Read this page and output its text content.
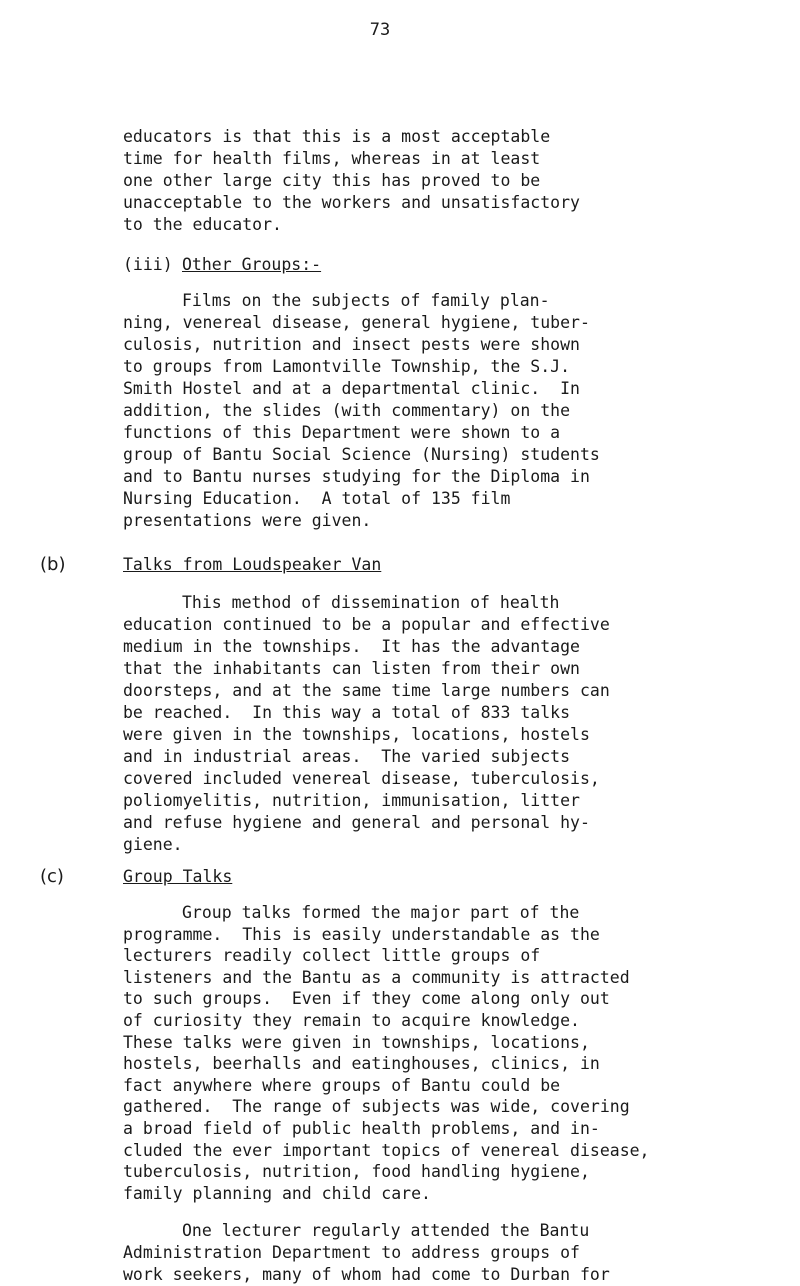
73
educators is that this is a most acceptable
time for health films, whereas in at least
one other large city this has proved to be
unacceptable to the workers and unsatisfactory
to the educator.
(iii) Other Groups:-
Films on the subjects of family plan-
ning, venereal disease, general hygiene, tuber-
culosis, nutrition and insect pests were shown
to groups from Lamontville Township, the S.J.
Smith Hostel and at a departmental clinic.  In
addition, the slides (with commentary) on the
functions of this Department were shown to a
group of Bantu Social Science (Nursing) students
and to Bantu nurses studying for the Diploma in
Nursing Education.  A total of 135 film
presentations were given.
(b)	Talks from Loudspeaker Van
This method of dissemination of health
education continued to be a popular and effective
medium in the townships.  It has the advantage
that the inhabitants can listen from their own
doorsteps, and at the same time large numbers can
be reached.  In this way a total of 833 talks
were given in the townships, locations, hostels
and in industrial areas.  The varied subjects
covered included venereal disease, tuberculosis,
poliomyelitis, nutrition, immunisation, litter
and refuse hygiene and general and personal hy-
giene.
(c)	Group Talks
Group talks formed the major part of the
programme.  This is easily understandable as the
lecturers readily collect little groups of
listeners and the Bantu as a community is attracted
to such groups.  Even if they come along only out
of curiosity they remain to acquire knowledge.
These talks were given in townships, locations,
hostels, beerhalls and eatinghouses, clinics, in
fact anywhere where groups of Bantu could be
gathered.  The range of subjects was wide, covering
a broad field of public health problems, and in-
cluded the ever important topics of venereal disease,
tuberculosis, nutrition, food handling hygiene,
family planning and child care.
One lecturer regularly attended the Bantu
Administration Department to address groups of
work seekers, many of whom had come to Durban for
